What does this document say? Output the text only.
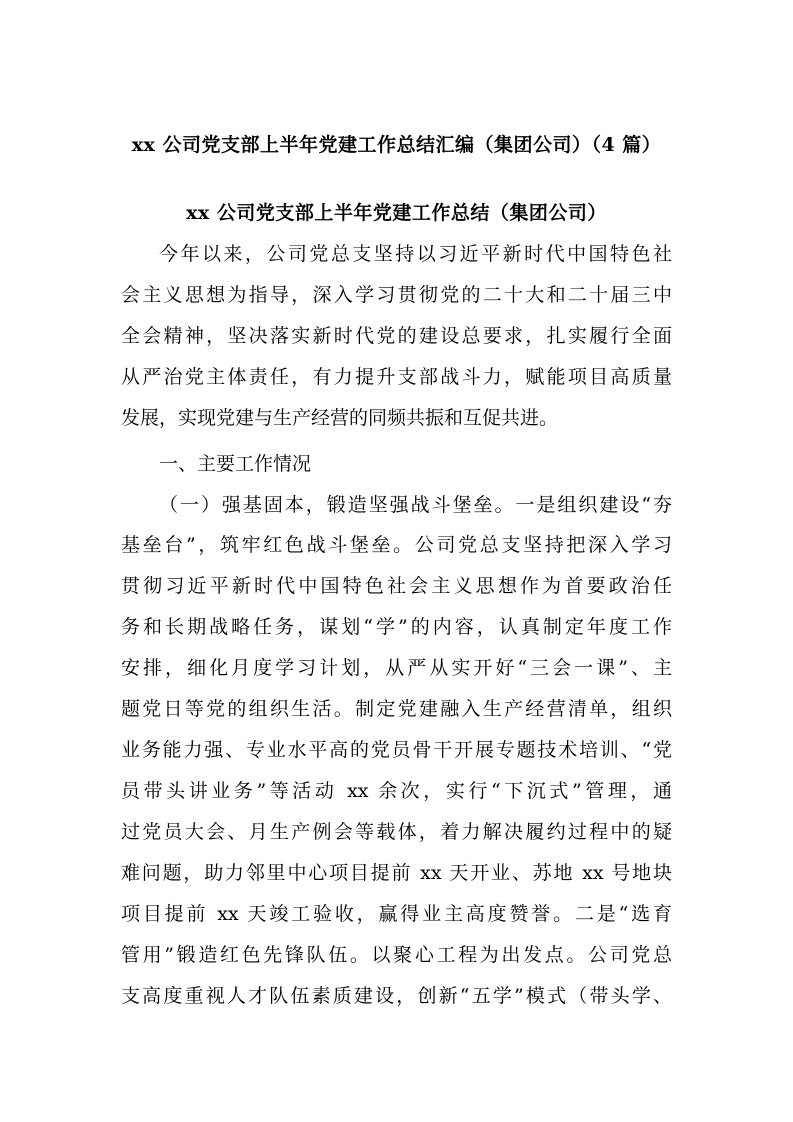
xx 公司党支部上半年党建工作总结汇编（集团公司）（4 篇）
xx 公司党支部上半年党建工作总结（集团公司）
今年以来，公司党总支坚持以习近平新时代中国特色社
会主义思想为指导，深入学习贯彻党的二十大和二十届三中
全会精神，坚决落实新时代党的建设总要求，扎实履行全面
从严治党主体责任，有力提升支部战斗力，赋能项目高质量
发展，实现党建与生产经营的同频共振和互促共进。
一、主要工作情况
（一）强基固本，锻造坚强战斗堡垒。一是组织建设“夯
基垒台”，筑牢红色战斗堡垒。公司党总支坚持把深入学习
贯彻习近平新时代中国特色社会主义思想作为首要政治任
务和长期战略任务，谋划“学”的内容，认真制定年度工作
安排，细化月度学习计划，从严从实开好“三会一课”、主
题党日等党的组织生活。制定党建融入生产经营清单，组织
业务能力强、专业水平高的党员骨干开展专题技术培训、“党
员带头讲业务”等活动 xx 余次，实行“下沉式”管理，通
过党员大会、月生产例会等载体，着力解决履约过程中的疑
难问题，助力邻里中心项目提前 xx 天开业、苏地 xx 号地块
项目提前 xx 天竣工验收，赢得业主高度赞誉。二是“选育
管用”锻造红色先锋队伍。以聚心工程为出发点。公司党总
支高度重视人才队伍素质建设，创新“五学”模式（带头学、
